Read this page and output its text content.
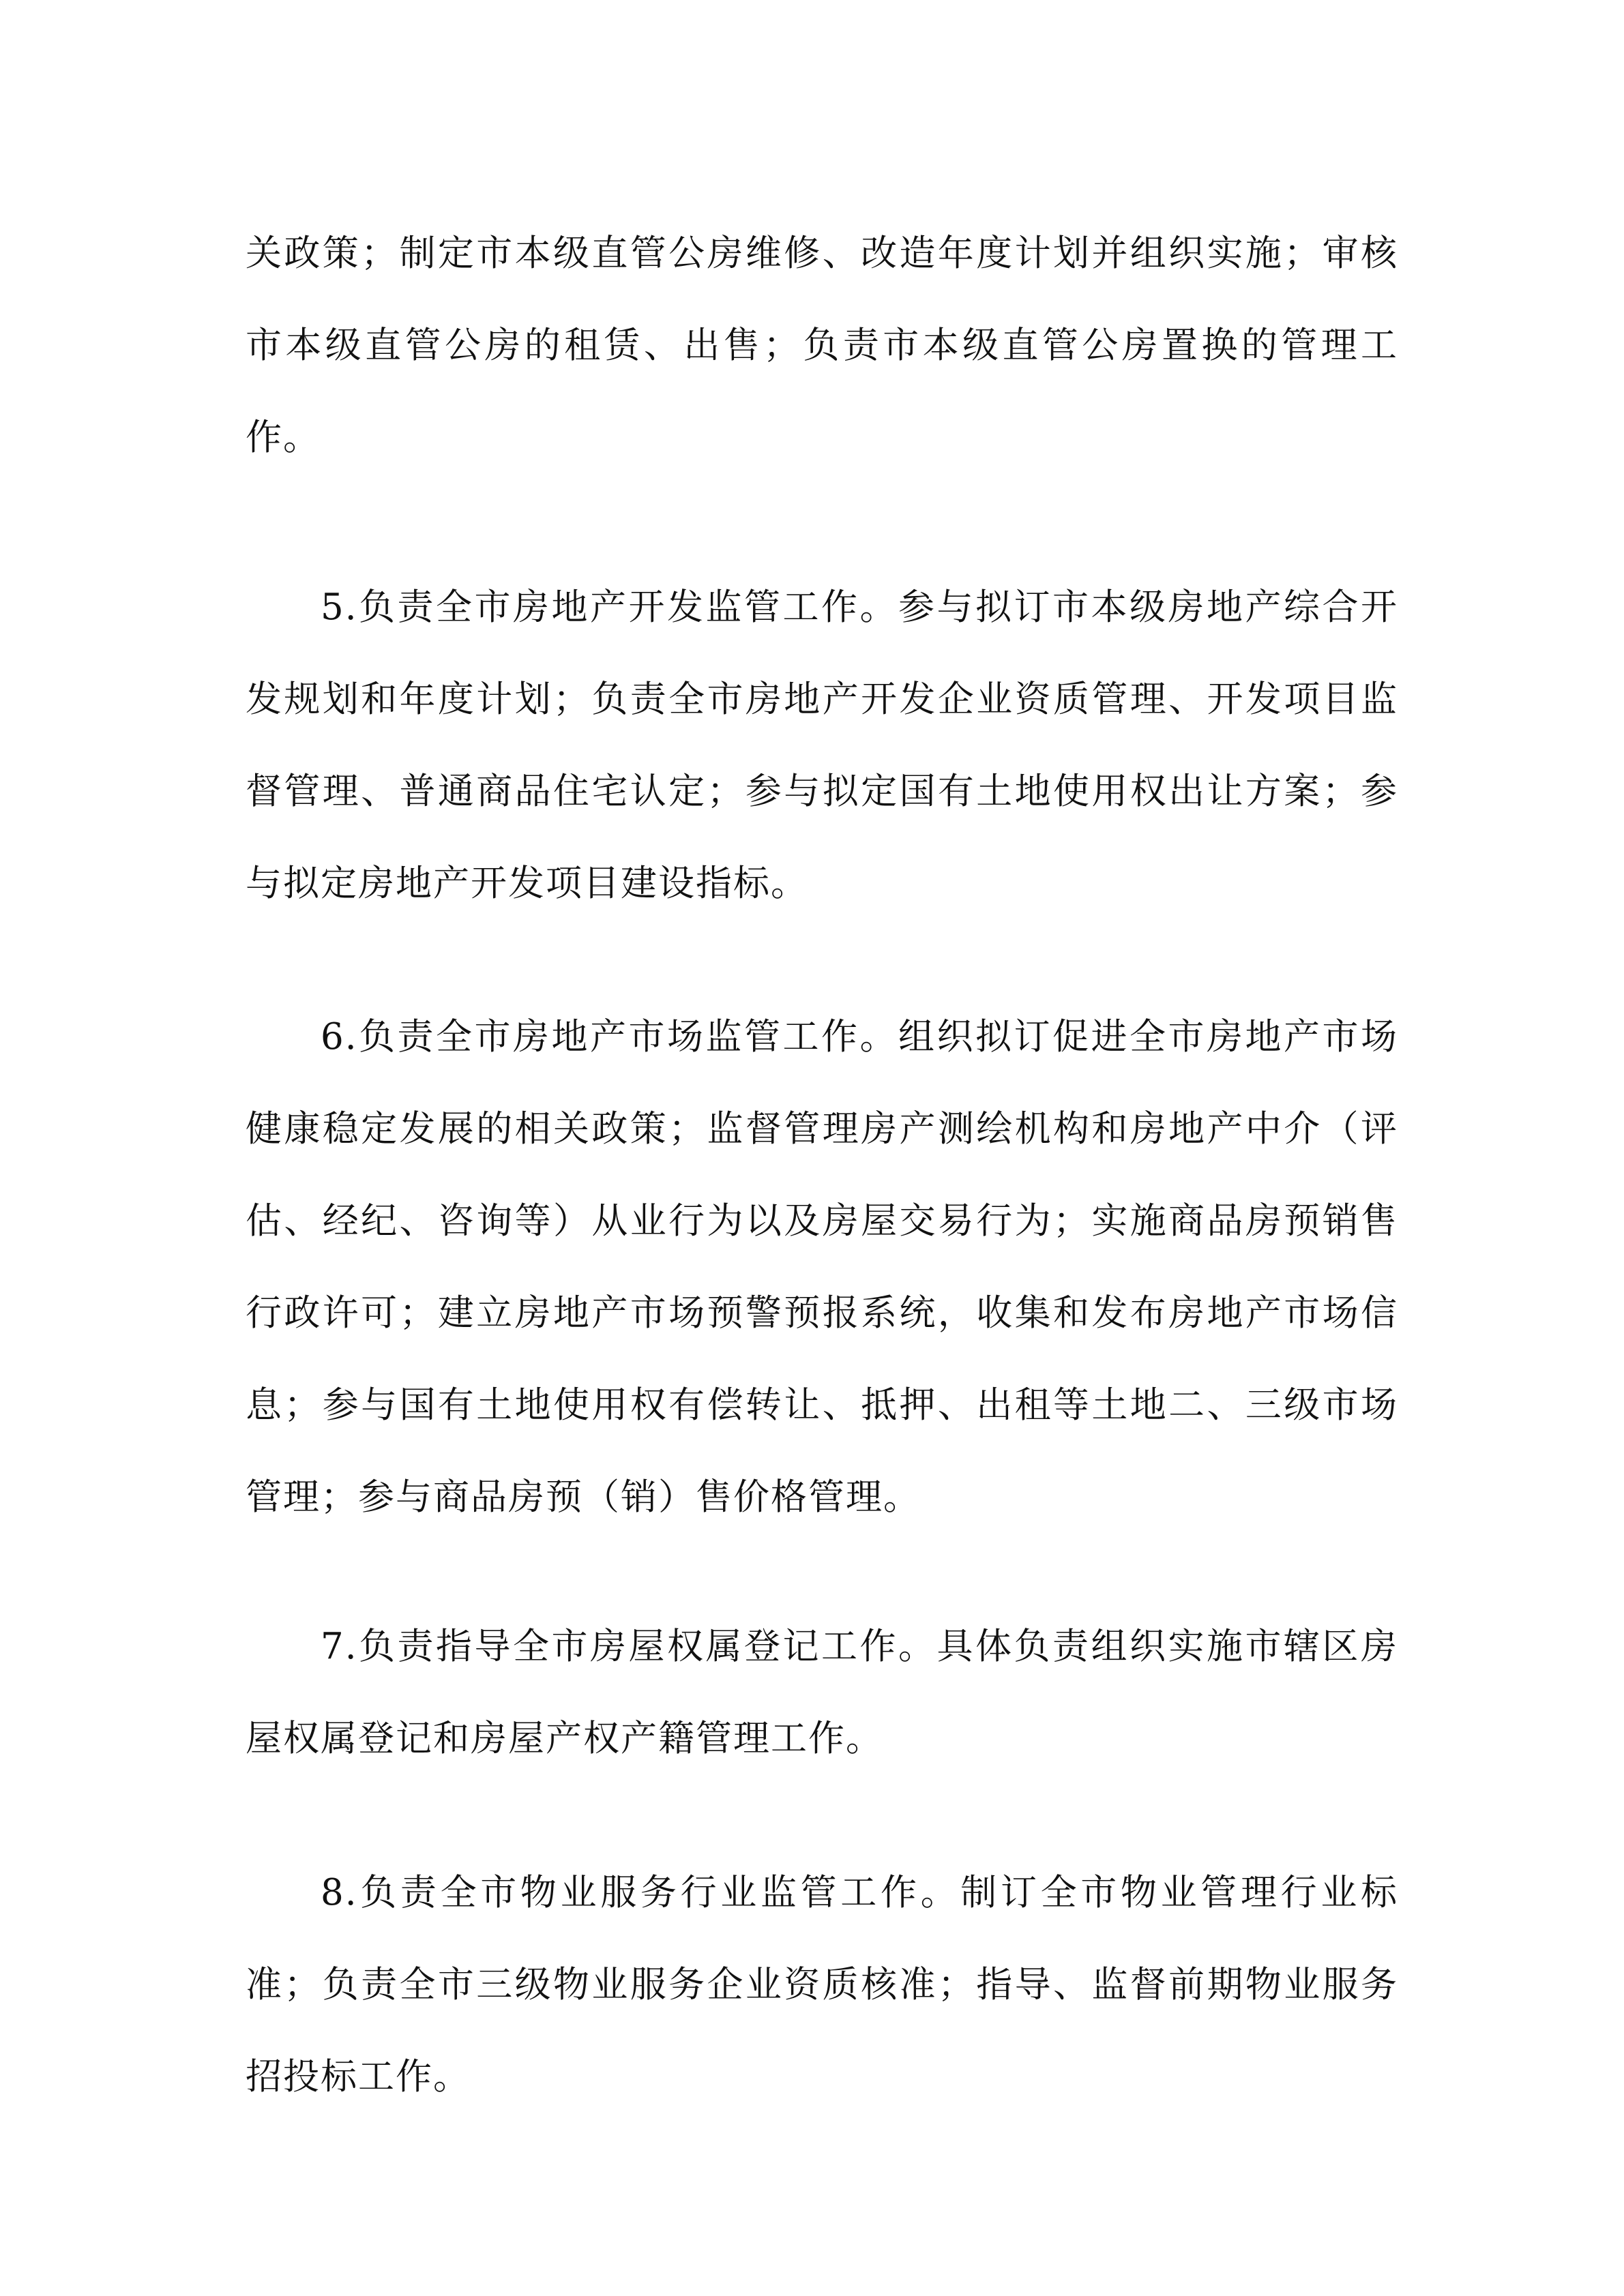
关政策；制定市本级直管公房维修、改造年度计划并组织实施；审核市本级直管公房的租赁、出售；负责市本级直管公房置换的管理工作。

5.负责全市房地产开发监管工作。参与拟订市本级房地产综合开发规划和年度计划；负责全市房地产开发企业资质管理、开发项目监督管理、普通商品住宅认定；参与拟定国有土地使用权出让方案；参与拟定房地产开发项目建设指标。

6.负责全市房地产市场监管工作。组织拟订促进全市房地产市场健康稳定发展的相关政策；监督管理房产测绘机构和房地产中介（评估、经纪、咨询等）从业行为以及房屋交易行为；实施商品房预销售行政许可；建立房地产市场预警预报系统，收集和发布房地产市场信息；参与国有土地使用权有偿转让、抵押、出租等土地二、三级市场管理；参与商品房预（销）售价格管理。

7.负责指导全市房屋权属登记工作。具体负责组织实施市辖区房屋权属登记和房屋产权产籍管理工作。

8.负责全市物业服务行业监管工作。制订全市物业管理行业标准；负责全市三级物业服务企业资质核准；指导、监督前期物业服务招投标工作。
